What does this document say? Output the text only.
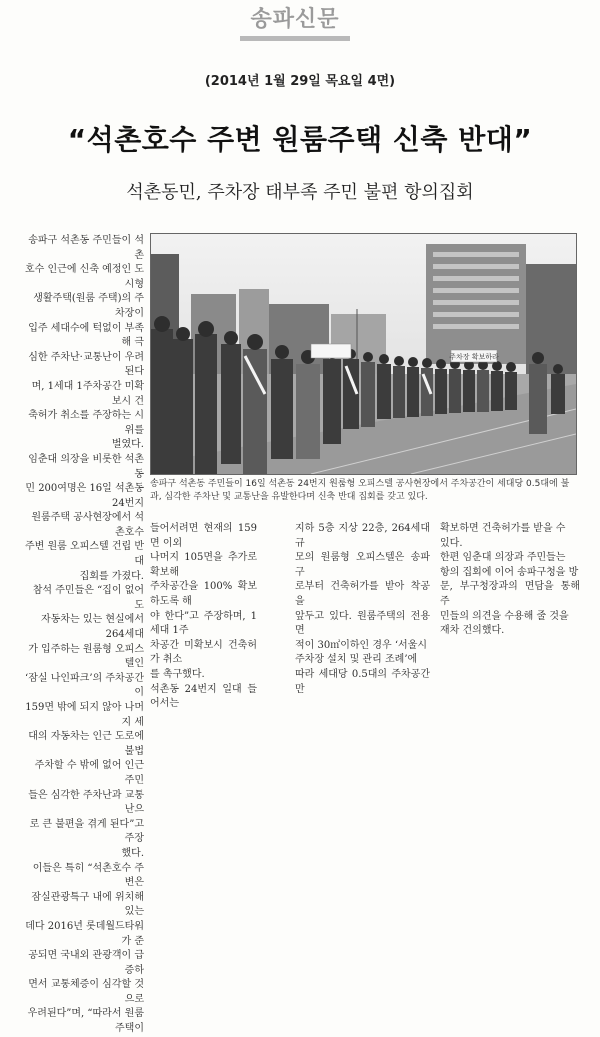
송파신문
(2014년 1월 29일 목요일 4면)
“석촌호수 주변 원룸주택 신축 반대”
석촌동민, 주차장 태부족 주민 불편 항의집회
송파구 석촌동 주민들이 석촌
호수 인근에 신축 예정인 도시형
생활주택(원룸 주택)의 주차장이
입주 세대수에 턱없이 부족해 극
심한 주차난·교통난이 우려된다
며, 1세대 1주차공간 미확보시 건
축허가 취소를 주장하는 시위를
벌였다.
임춘대 의장을 비롯한 석촌동
민 200여명은 16일 석촌동 24번지
원룸주택 공사현장에서 석촌호수
주변 원룸 오피스텔 건립 반대
집회를 가졌다.
참석 주민들은 “집이 없어도
자동차는 있는 현실에서 264세대
가 입주하는 원룸형 오피스텔인
‘잠실 나인파크’의 주차공간이
159면 밖에 되지 않아 나머지 세
대의 자동차는 인근 도로에 불법
주차할 수 밖에 없어 인근 주민
들은 심각한 주차난과 교통난으
로 큰 불편을 겪게 된다”고 주장
했다.
이들은 특히 “석촌호수 주변은
잠실관광특구 내에 위치해 있는
데다 2016년 롯데월드타워가 준
공되면 국내외 관광객이 급증하
면서 교통체증이 심각할 것으로
우려된다”며, “따라서 원룸주택이
주차장 확보하라
송파구 석촌동 주민들이 16일 석촌동 24번지 원룸형 오피스텔 공사현장에서 주차공간이 세대당 0.5대에 불과, 심각한 주차난 및 교통난을 유발한다며 신축 반대 집회를 갖고 있다.
들어서려면 현재의 159면 이외
나머지 105면을 추가로 확보해
주차공간을 100% 확보하도록 해
야 한다”고 주장하며, 1세대 1주
차공간 미확보시 건축허가 취소
를 촉구했다.
석촌동 24번지 일대 들어서는
지하 5층 지상 22층, 264세대 규
모의 원룸형 오피스텔은 송파구
로부터 건축허가를 받아 착공을
앞두고 있다. 원룸주택의 전용면
적이 30㎡이하인 경우 ‘서울시
주차장 설치 및 관리 조례’에
따라 세대당 0.5대의 주차공간만
확보하면 건축허가를 받을 수
있다.
한편 임춘대 의장과 주민들는
항의 집회에 이어 송파구청을 방
문, 부구청장과의 면담을 통해 주
민들의 의견을 수용해 줄 것을
재차 건의했다.
